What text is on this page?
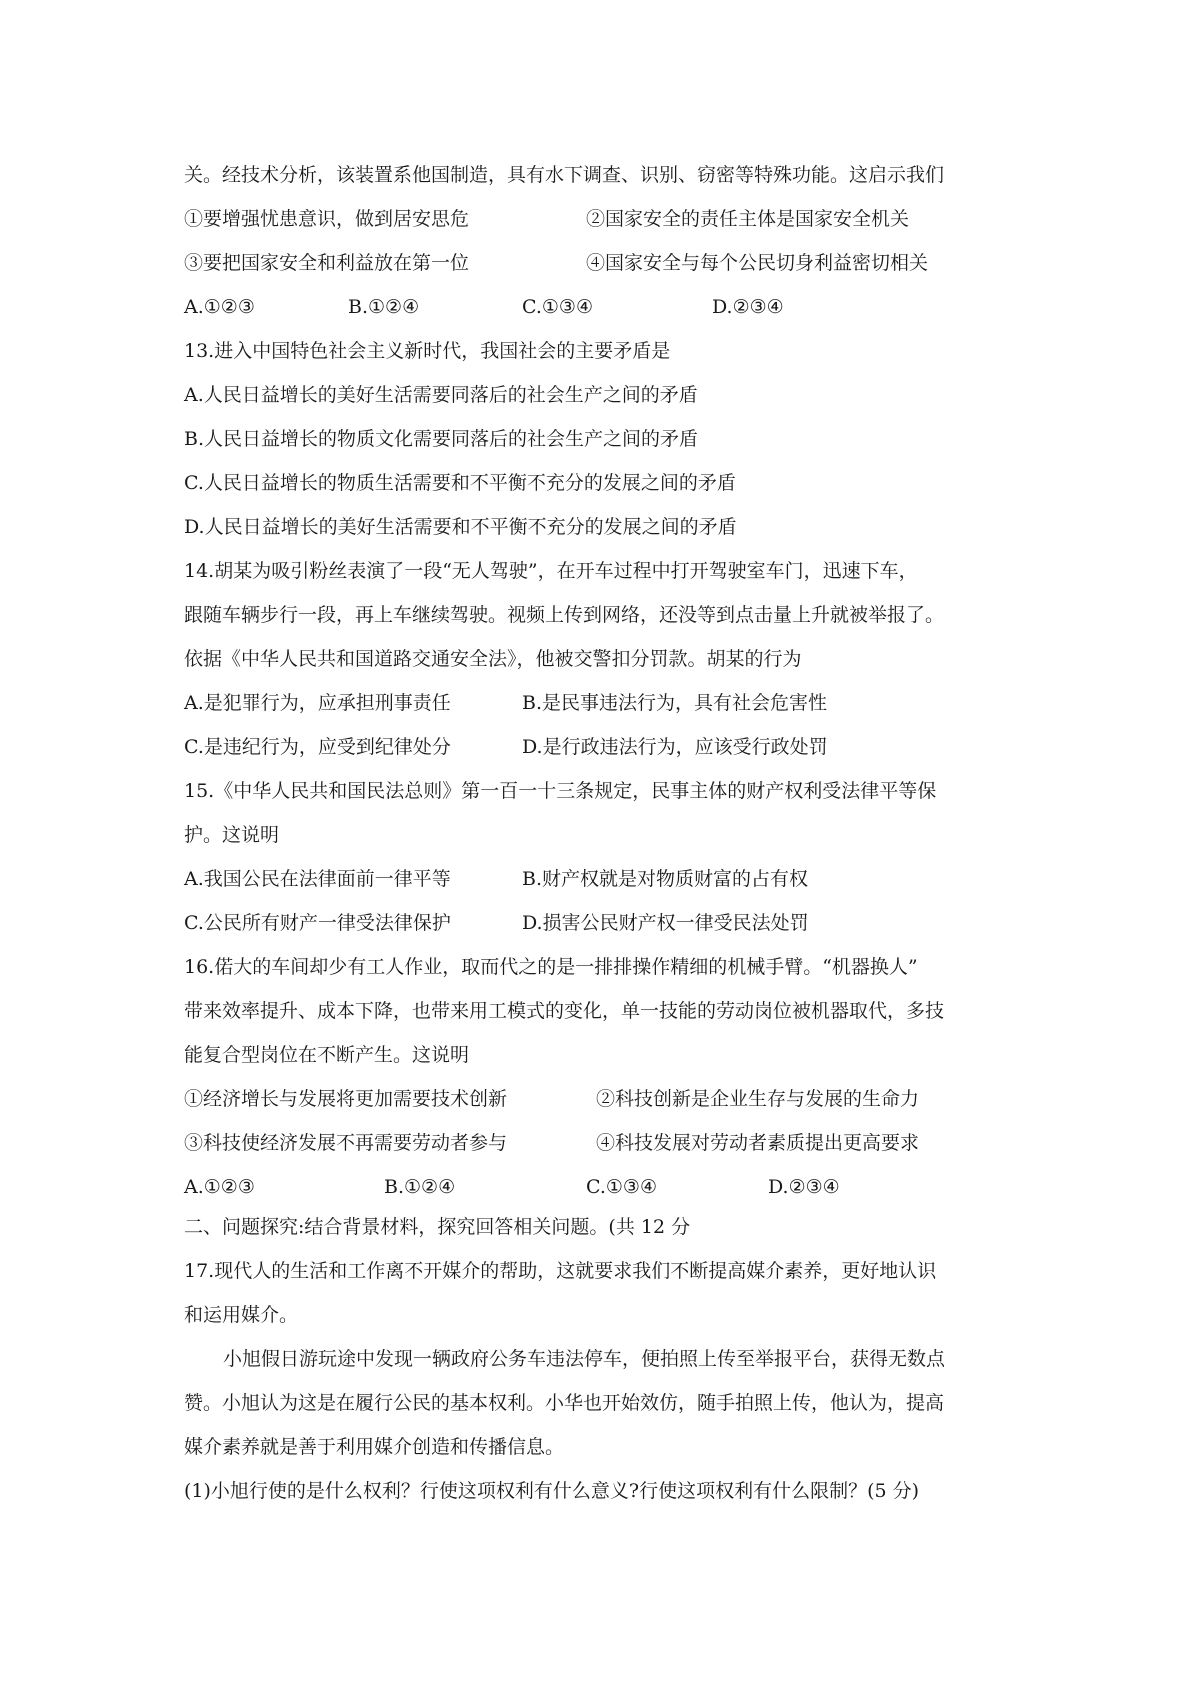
关。经技术分析，该装置系他国制造，具有水下调查、识别、窃密等特殊功能。这启示我们
①要增强忧患意识，做到居安思危	②国家安全的责任主体是国家安全机关
③要把国家安全和利益放在第一位	④国家安全与每个公民切身利益密切相关
A.①②③	B.①②④	C.①③④	D.②③④
13.进入中国特色社会主义新时代，我国社会的主要矛盾是
A.人民日益增长的美好生活需要同落后的社会生产之间的矛盾
B.人民日益增长的物质文化需要同落后的社会生产之间的矛盾
C.人民日益增长的物质生活需要和不平衡不充分的发展之间的矛盾
D.人民日益增长的美好生活需要和不平衡不充分的发展之间的矛盾
14.胡某为吸引粉丝表演了一段“无人驾驶”，在开车过程中打开驾驶室车门，迅速下车，
跟随车辆步行一段，再上车继续驾驶。视频上传到网络，还没等到点击量上升就被举报了。
依据《中华人民共和国道路交通安全法》，他被交警扣分罚款。胡某的行为
A.是犯罪行为，应承担刑事责任	B.是民事违法行为，具有社会危害性
C.是违纪行为，应受到纪律处分	D.是行政违法行为，应该受行政处罚
15.《中华人民共和国民法总则》第一百一十三条规定，民事主体的财产权利受法律平等保
护。这说明
A.我国公民在法律面前一律平等	B.财产权就是对物质财富的占有权
C.公民所有财产一律受法律保护	D.损害公民财产权一律受民法处罚
16.偌大的车间却少有工人作业，取而代之的是一排排操作精细的机械手臂。“机器换人”
带来效率提升、成本下降，也带来用工模式的变化，单一技能的劳动岗位被机器取代，多技
能复合型岗位在不断产生。这说明
①经济增长与发展将更加需要技术创新	②科技创新是企业生存与发展的生命力
③科技使经济发展不再需要劳动者参与	④科技发展对劳动者素质提出更高要求
A.①②③	B.①②④	C.①③④	D.②③④
二、问题探究:结合背景材料，探究回答相关问题。(共 12 分
17.现代人的生活和工作离不开媒介的帮助，这就要求我们不断提高媒介素养，更好地认识
和运用媒介。
小旭假日游玩途中发现一辆政府公务车违法停车，便拍照上传至举报平台，获得无数点
赞。小旭认为这是在履行公民的基本权利。小华也开始效仿，随手拍照上传，他认为，提高
媒介素养就是善于利用媒介创造和传播信息。
(1)小旭行使的是什么权利？行使这项权利有什么意义?行使这项权利有什么限制？(5 分)
